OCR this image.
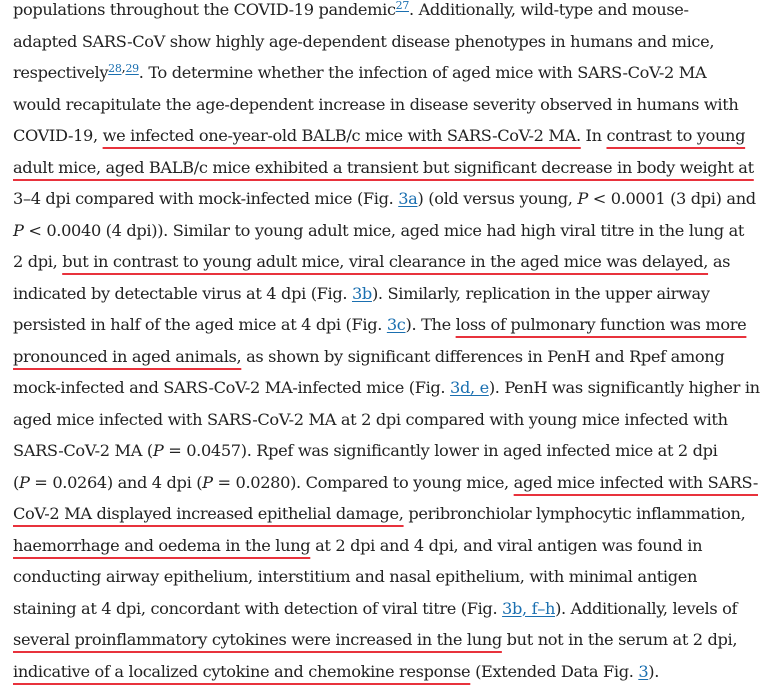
populations throughout the COVID-19 pandemic$^{27}$. Additionally, wild-type and mouse-
adapted SARS-CoV show highly age-dependent disease phenotypes in humans and mice,
respectively$^{28,29}$. To determine whether the infection of aged mice with SARS-CoV-2 MA
would recapitulate the age-dependent increase in disease severity observed in humans with
COVID-19, we infected one-year-old BALB/c mice with SARS-CoV-2 MA. In contrast to young
adult mice, aged BALB/c mice exhibited a transient but significant decrease in body weight at
3–4 dpi compared with mock-infected mice (Fig. 3a) (old versus young, P < 0.0001 (3 dpi) and
P < 0.0040 (4 dpi)). Similar to young adult mice, aged mice had high viral titre in the lung at
2 dpi, but in contrast to young adult mice, viral clearance in the aged mice was delayed, as
indicated by detectable virus at 4 dpi (Fig. 3b). Similarly, replication in the upper airway
persisted in half of the aged mice at 4 dpi (Fig. 3c). The loss of pulmonary function was more
pronounced in aged animals, as shown by significant differences in PenH and Rpef among
mock-infected and SARS-CoV-2 MA-infected mice (Fig. 3d, e). PenH was significantly higher in
aged mice infected with SARS-CoV-2 MA at 2 dpi compared with young mice infected with
SARS-CoV-2 MA (P = 0.0457). Rpef was significantly lower in aged infected mice at 2 dpi
(P = 0.0264) and 4 dpi (P = 0.0280). Compared to young mice, aged mice infected with SARS-
CoV-2 MA displayed increased epithelial damage, peribronchiolar lymphocytic inflammation,
haemorrhage and oedema in the lung at 2 dpi and 4 dpi, and viral antigen was found in
conducting airway epithelium, interstitium and nasal epithelium, with minimal antigen
staining at 4 dpi, concordant with detection of viral titre (Fig. 3b, f–h). Additionally, levels of
several proinflammatory cytokines were increased in the lung but not in the serum at 2 dpi,
indicative of a localized cytokine and chemokine response (Extended Data Fig. 3).
